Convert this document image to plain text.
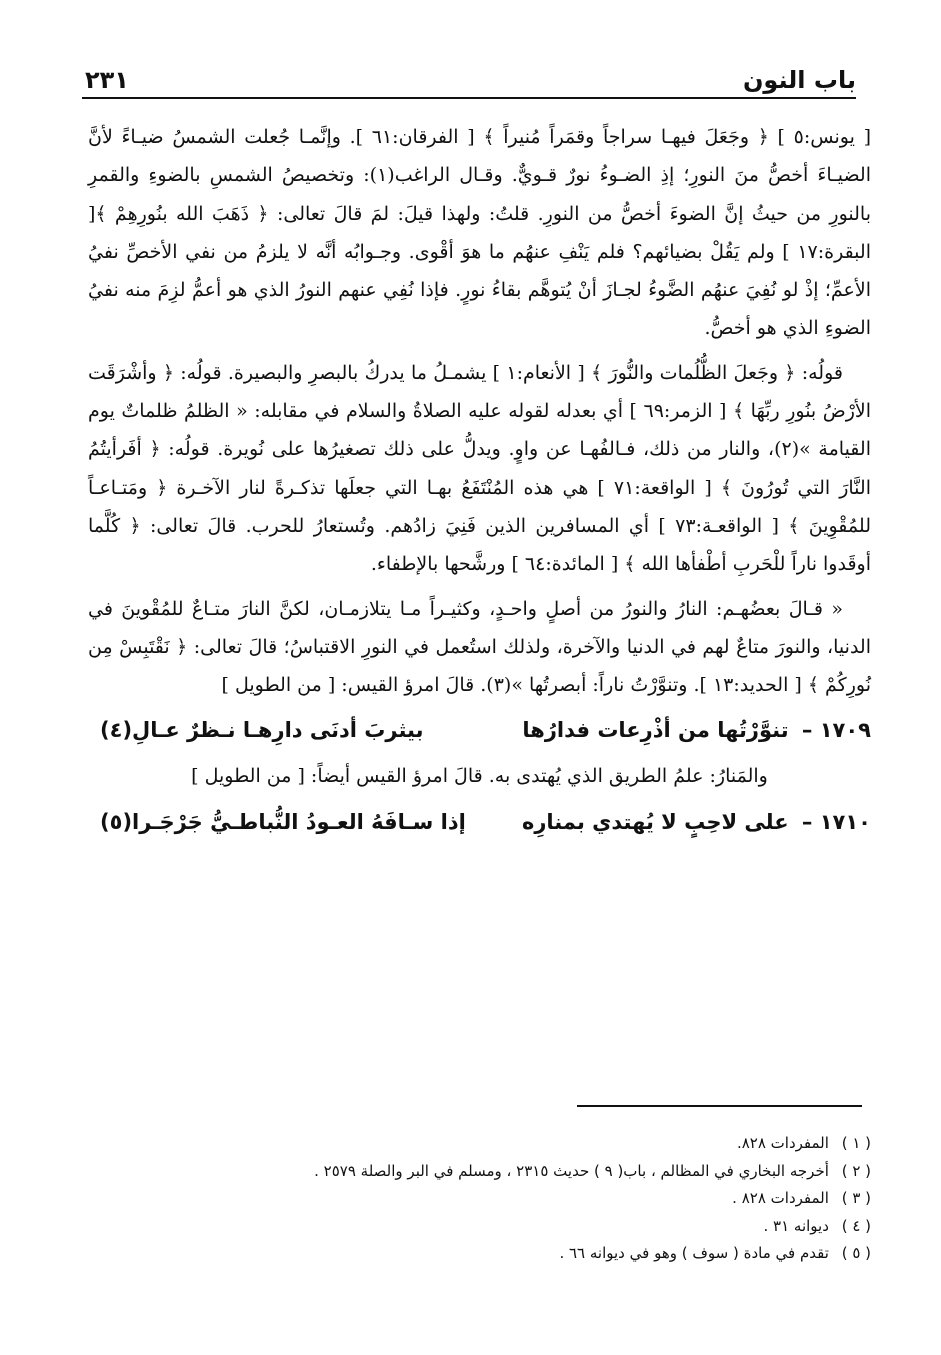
٢٣١	باب النون

[ يونس:٥ ] ﴿ وجَعَلَ فيهـا سراجاً وقمَراً مُنيراً ﴾ [ الفرقان:٦١ ]. وإنَّمـا جُعلت الشمسُ ضيـاءً لأنَّ الضيـاءَ أخصُّ منَ النورِ؛ إذِ الضـوءُ نورٌ قـويٌّ. وقـال الراغب(١): وتخصيصُ الشمسِ بالضوءِ والقمرِ بالنورِ من حيثُ إنَّ الضوءَ أخصُّ من النورِ. قلتُ: ولهذا قيلَ: لمَ قالَ تعالى: ﴿ ذَهَبَ الله بنُورِهِمْ ﴾[ البقرة:١٧ ] ولم يَقُلْ بضيائهم؟ فلم يَنْفِ عنهُم ما هوَ أقْوى. وجـوابُه أنَّه لا يلزمُ من نفي الأخصِّ نفيُ الأعمِّ؛ إذْ لو نُفِيَ عنهُم الضَّوءُ لجـازَ أنْ يُتوهَّم بقاءُ نورٍ. فإذا نُفِي عنهم النورُ الذي هو أعمُّ لزِمَ منه نفيُ الضوءِ الذي هو أخصُّ.

قولُه: ﴿ وجَعلَ الظُّلُمات والنُّورَ ﴾ [ الأنعام:١ ] يشمـلُ ما يدركُ بالبصرِ والبصيرة. قولُه: ﴿ وأشْرَقَت الأرْضُ بنُورِ ربِّهَا ﴾ [ الزمر:٦٩ ] أي بعدله لقوله عليه الصلاةُ والسلام في مقابله: « الظلمُ ظلماتٌ يوم القيامة »(٢)، والنار من ذلك، فـالفُهـا عن واوٍ. ويدلُّ على ذلك تصغيرُها على نُويرة. قولُه: ﴿ أفَرأيتُمُ النَّارَ التي تُورُونَ ﴾ [ الواقعة:٧١ ] هي هذه المُنْتَفَعُ بهـا التي جعلَها تذكـرةً لنار الآخـرة ﴿ ومَتـاعـاً للمُقْوِينَ ﴾ [ الواقعـة:٧٣ ] أي المسافرين الذين فَنِيَ زادُهم. وتُستعارُ للحرب. قالَ تعالى: ﴿ كُلَّما أوقَدوا ناراً للْحَربِ أطْفأها الله ﴾ [ المائدة:٦٤ ] ورشَّحها بالإطفاء.

« قـالَ بعضُهـم: النارُ والنورُ من أصلٍ واحـدٍ، وكثيـراً مـا يتلازمـان، لكنَّ النارَ متـاعٌ للمُقْوينَ في الدنيا، والنورَ متاعٌ لهم في الدنيا والآخرة، ولذلك استُعمل في النورِ الاقتباسُ؛ قالَ تعالى: ﴿ نَقْتَبِسْ مِن نُورِكُمْ ﴾ [ الحديد:١٣ ]. وتنوَّرْتُ ناراً: أبصرتُها »(٣). قالَ امرؤ القيس: [ من الطويل ]

١٧٠٩ – تنوَّرْتُها من أذْرِعات فدارُها
بيثربَ أدنَى دارِهـا نـظرٌ عـالِ(٤)

والمَنارُ: علمُ الطريق الذي يُهتدى به. قالَ امرؤ القيس أيضاً: [ من الطويل ]

١٧١٠ – على لاحِبٍ لا يُهتدي بمنارِه
إذا سـافَهُ العـودُ النُّباطـيُّ جَرْجَـرا(٥)
( ١ ) المفردات ٨٢٨.
( ٢ ) أخرجه البخاري في المظالم ، باب( ٩ ) حديث ٢٣١٥ ، ومسلم في البر والصلة ٢٥٧٩ .
( ٣ ) المفردات ٨٢٨ .
( ٤ ) ديوانه ٣١ .
( ٥ ) تقدم في مادة ( سوف ) وهو في ديوانه ٦٦ .
